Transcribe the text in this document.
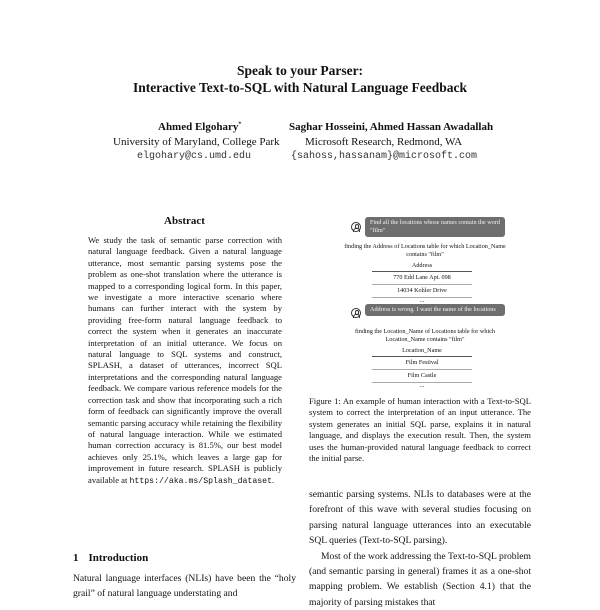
Speak to your Parser:
Interactive Text-to-SQL with Natural Language Feedback
Ahmed Elgohary*
University of Maryland, College Park
elgohary@cs.umd.edu
Saghar Hosseini, Ahmed Hassan Awadallah
Microsoft Research, Redmond, WA
{sahoss,hassanam}@microsoft.com
Abstract
We study the task of semantic parse correction with natural language feedback. Given a natural language utterance, most semantic parsing systems pose the problem as one-shot translation where the utterance is mapped to a corresponding logical form. In this paper, we investigate a more interactive scenario where humans can further interact with the system by providing free-form natural language feedback to correct the system when it generates an inaccurate interpretation of an initial utterance. We focus on natural language to SQL systems and construct, SPLASH, a dataset of utterances, incorrect SQL interpretations and the corresponding natural language feedback. We compare various reference models for the correction task and show that incorporating such a rich form of feedback can significantly improve the overall semantic parsing accuracy while retaining the flexibility of natural language interaction. While we estimated human correction accuracy is 81.5%, our best model achieves only 25.1%, which leaves a large gap for improvement in future research. SPLASH is publicly available at https://aka.ms/Splash_dataset.
1 Introduction
Natural language interfaces (NLIs) have been the “holy grail” of natural language understating and
Find all the locations whose names contain the word "film"
finding the Address of Locations table for which Location_Name contains "film"
Address
770 Edd Lane Apt. 098
14034 Kohler Drive
...
Address is wrong. I want the name of the locations
finding the Location_Name of Locations table for which Location_Name contains "film"
Location_Name
Film Festival
Film Castle
...
Figure 1: An example of human interaction with a Text-to-SQL system to correct the interpretation of an input utterance. The system generates an initial SQL parse, explains it in natural language, and displays the execution result. Then, the system uses the human-provided natural language feedback to correct the initial parse.
semantic parsing systems. NLIs to databases were at the forefront of this wave with several studies focusing on parsing natural language utterances into an executable SQL queries (Text-to-SQL parsing).
Most of the work addressing the Text-to-SQL problem (and semantic parsing in general) frames it as a one-shot mapping problem. We establish (Section 4.1) that the majority of parsing mistakes that
